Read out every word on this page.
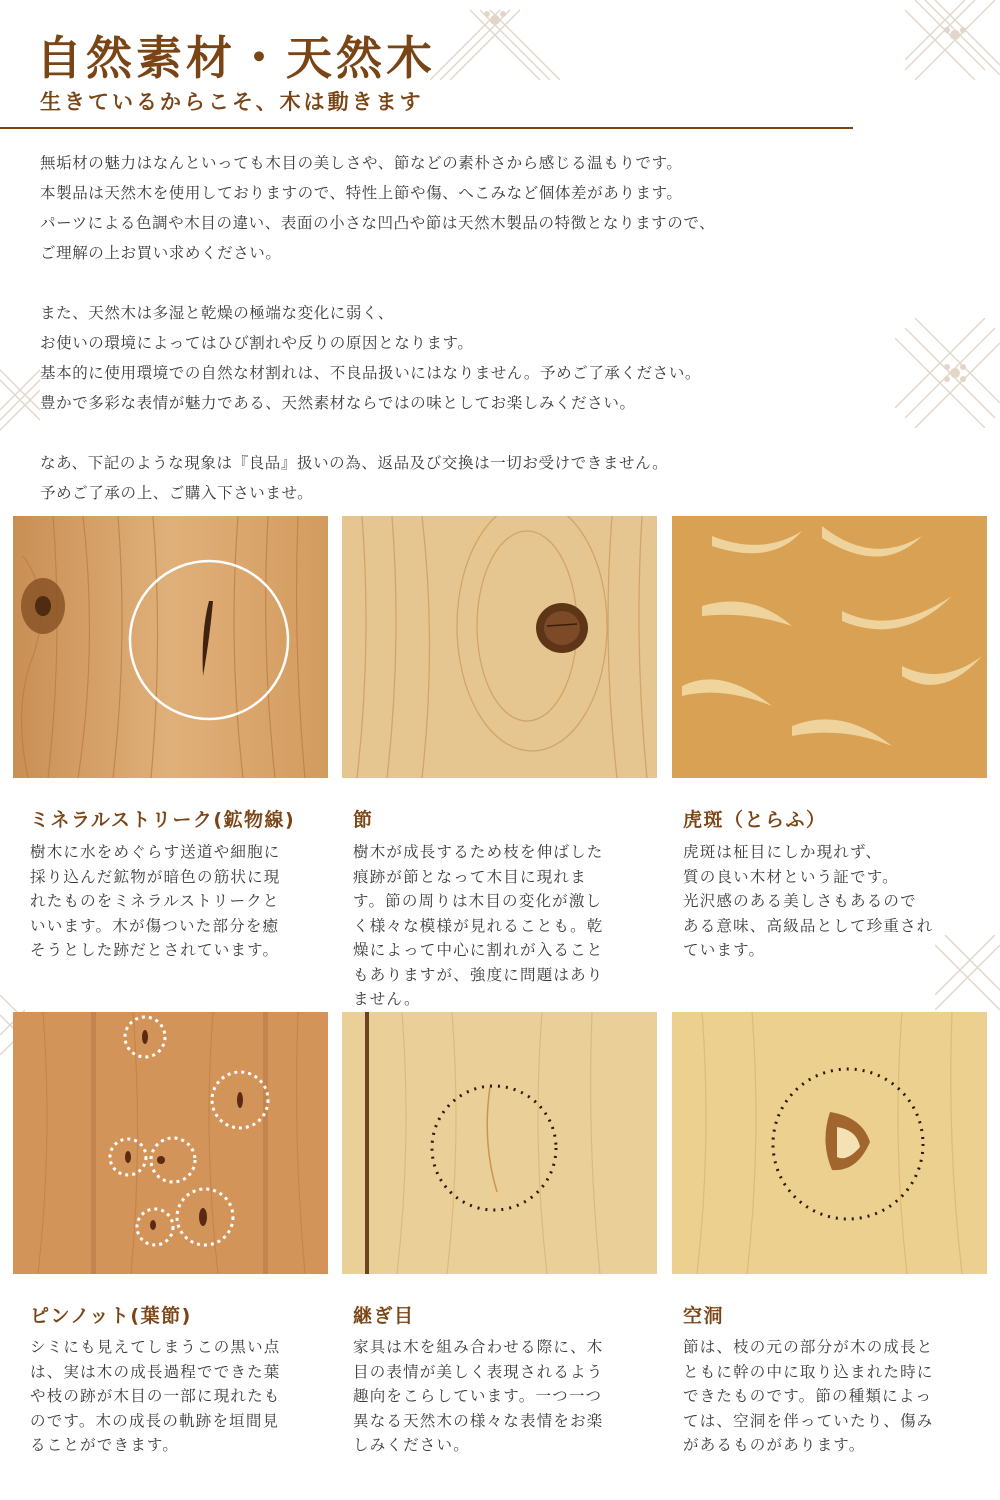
自然素材・天然木
生きているからこそ、木は動きます

無垢材の魅力はなんといっても木目の美しさや、節などの素朴さから感じる温もりです。
本製品は天然木を使用しておりますので、特性上節や傷、へこみなど個体差があります。
パーツによる色調や木目の違い、表面の小さな凹凸や節は天然木製品の特徴となりますので、
ご理解の上お買い求めください。

また、天然木は多湿と乾燥の極端な変化に弱く、
お使いの環境によってはひび割れや反りの原因となります。
基本的に使用環境での自然な材割れは、不良品扱いにはなりません。予めご了承ください。
豊かで多彩な表情が魅力である、天然素材ならではの味としてお楽しみください。

なあ、下記のような現象は『良品』扱いの為、返品及び交換は一切お受けできません。
予めご了承の上、ご購入下さいませ。

ミネラルストリーク(鉱物線)

樹木に水をめぐらす送道や細胞に
採り込んだ鉱物が暗色の筋状に現
れたものをミネラルストリークと
いいます。木が傷ついた部分を癒
そうとした跡だとされています。

節

樹木が成長するため枝を伸ばした
痕跡が節となって木目に現れま
す。節の周りは木目の変化が激し
く様々な模様が見れることも。乾
燥によって中心に割れが入ること
もありますが、強度に問題はあり
ません。

虎斑（とらふ）

虎斑は柾目にしか現れず、
質の良い木材という証です。
光沢感のある美しさもあるので
ある意味、高級品として珍重され
ています。

ピンノット(葉節)

シミにも見えてしまうこの黒い点
は、実は木の成長過程でできた葉
や枝の跡が木目の一部に現れたも
のです。木の成長の軌跡を垣間見
ることができます。

継ぎ目

家具は木を組み合わせる際に、木
目の表情が美しく表現されるよう
趣向をこらしています。一つ一つ
異なる天然木の様々な表情をお楽
しみください。

空洞

節は、枝の元の部分が木の成長と
ともに幹の中に取り込まれた時に
できたものです。節の種類によっ
ては、空洞を伴っていたり、傷み
があるものがあります。
